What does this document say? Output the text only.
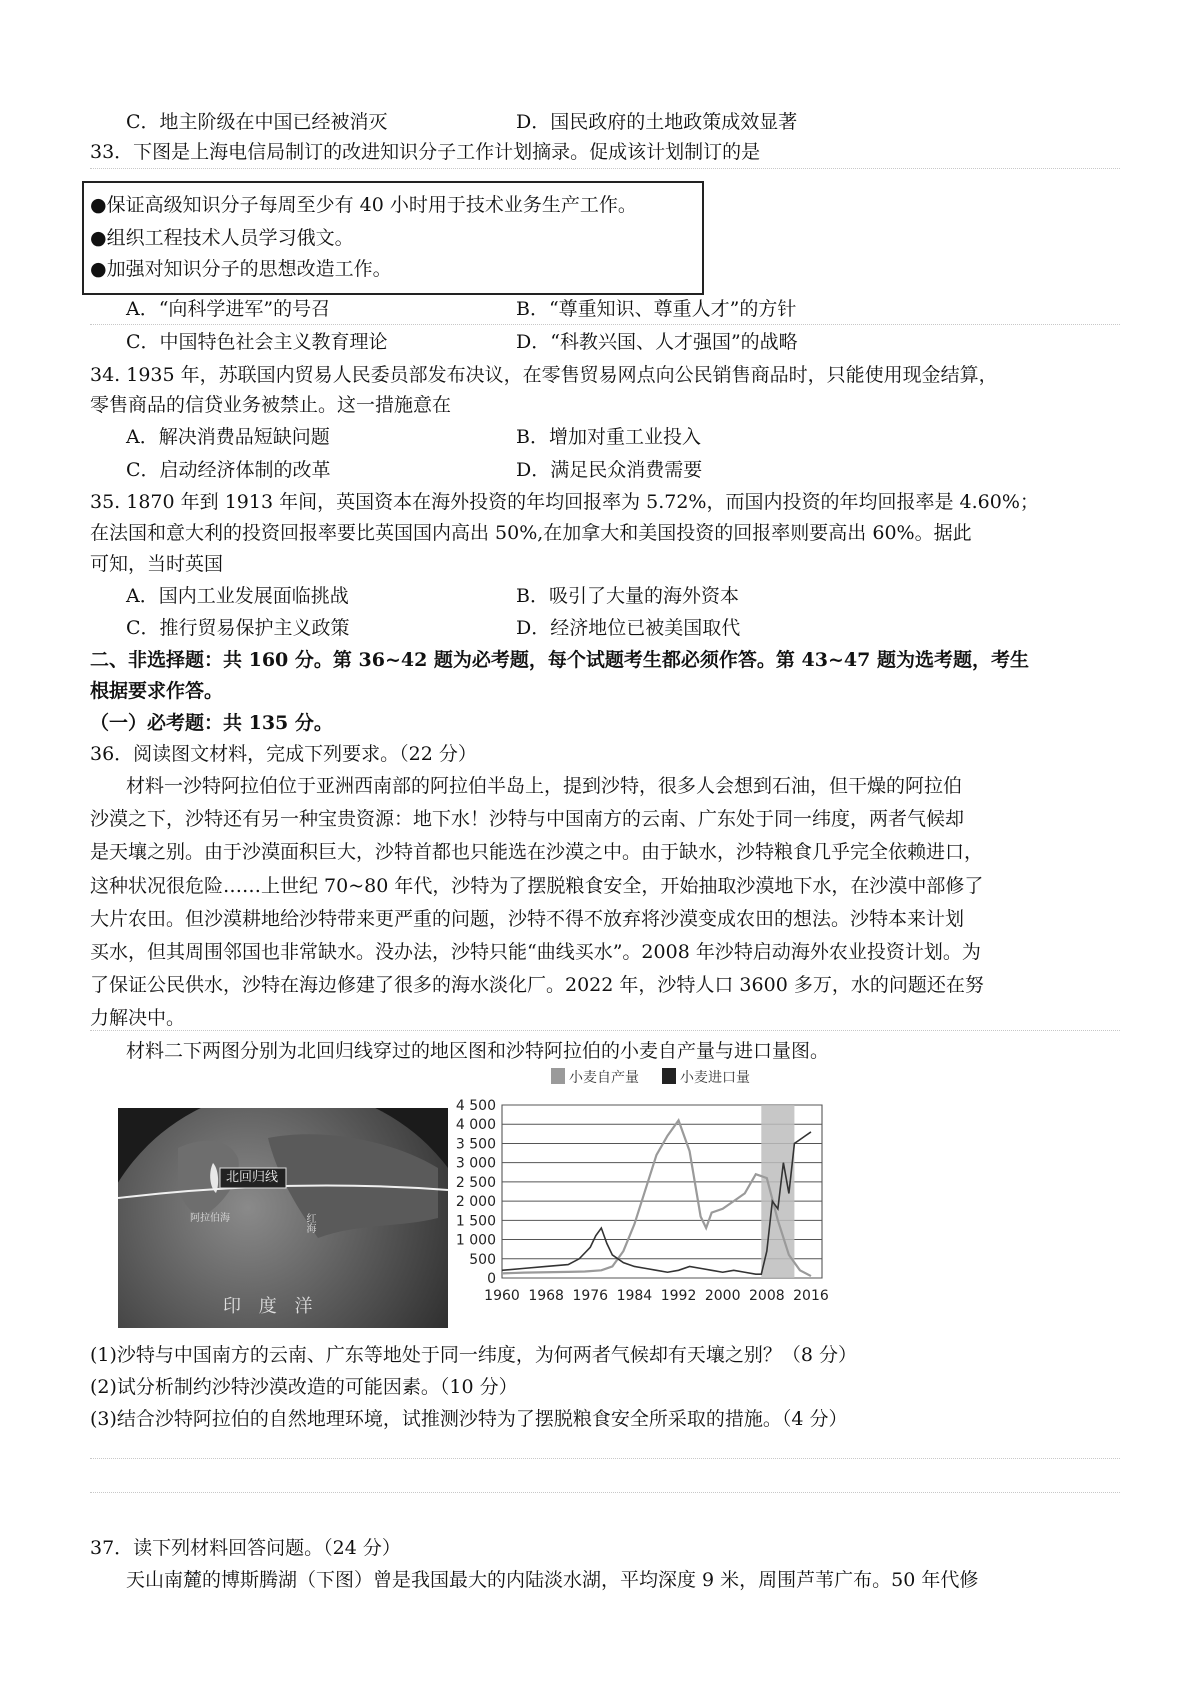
C．地主阶级在中国已经被消灭	D．国民政府的土地政策成效显著
33．下图是上海电信局制订的改进知识分子工作计划摘录。促成该计划制订的是
●保证高级知识分子每周至少有 40 小时用于技术业务生产工作。
●组织工程技术人员学习俄文。
●加强对知识分子的思想改造工作。
A．“向科学进军”的号召	B．“尊重知识、尊重人才”的方针
C．中国特色社会主义教育理论	D．“科教兴国、人才强国”的战略
34. 1935 年，苏联国内贸易人民委员部发布决议，在零售贸易网点向公民销售商品时，只能使用现金结算，
零售商品的信贷业务被禁止。这一措施意在
A．解决消费品短缺问题	B．增加对重工业投入
C．启动经济体制的改革	D．满足民众消费需要
35. 1870 年到 1913 年间，英国资本在海外投资的年均回报率为 5.72%，而国内投资的年均回报率是 4.60%；
在法国和意大利的投资回报率要比英国国内高出 50%,在加拿大和美国投资的回报率则要高出 60%。据此
可知，当时英国
A．国内工业发展面临挑战	B．吸引了大量的海外资本
C．推行贸易保护主义政策	D．经济地位已被美国取代
二、非选择题：共 160 分。第 36~42 题为必考题，每个试题考生都必须作答。第 43~47 题为选考题，考生
根据要求作答。
（一）必考题：共 135 分。
36．阅读图文材料，完成下列要求。（22 分）
材料一沙特阿拉伯位于亚洲西南部的阿拉伯半岛上，提到沙特，很多人会想到石油，但干燥的阿拉伯
沙漠之下，沙特还有另一种宝贵资源：地下水！沙特与中国南方的云南、广东处于同一纬度，两者气候却
是天壤之别。由于沙漠面积巨大，沙特首都也只能选在沙漠之中。由于缺水，沙特粮食几乎完全依赖进口，
这种状况很危险……上世纪 70~80 年代，沙特为了摆脱粮食安全，开始抽取沙漠地下水，在沙漠中部修了
大片农田。但沙漠耕地给沙特带来更严重的问题，沙特不得不放弃将沙漠变成农田的想法。沙特本来计划
买水，但其周围邻国也非常缺水。没办法，沙特只能“曲线买水”。2008 年沙特启动海外农业投资计划。为
了保证公民供水，沙特在海边修建了很多的海水淡化厂。2022 年，沙特人口 3600 多万，水的问题还在努
力解决中。
材料二下两图分别为北回归线穿过的地区图和沙特阿拉伯的小麦自产量与进口量图。
北回归线
阿拉伯海	红海
印 度 洋
小麦自产量	小麦进口量
0
500
1 000
1 500
2 000
2 500
3 000
3 500
4 000
4 500
1960 1968 1976 1984 1992 2000 2008 2016
(1)沙特与中国南方的云南、广东等地处于同一纬度，为何两者气候却有天壤之别？（8 分）
(2)试分析制约沙特沙漠改造的可能因素。（10 分）
(3)结合沙特阿拉伯的自然地理环境，试推测沙特为了摆脱粮食安全所采取的措施。（4 分）
37．读下列材料回答问题。（24 分）
天山南麓的博斯腾湖（下图）曾是我国最大的内陆淡水湖，平均深度 9 米，周围芦苇广布。50 年代修
